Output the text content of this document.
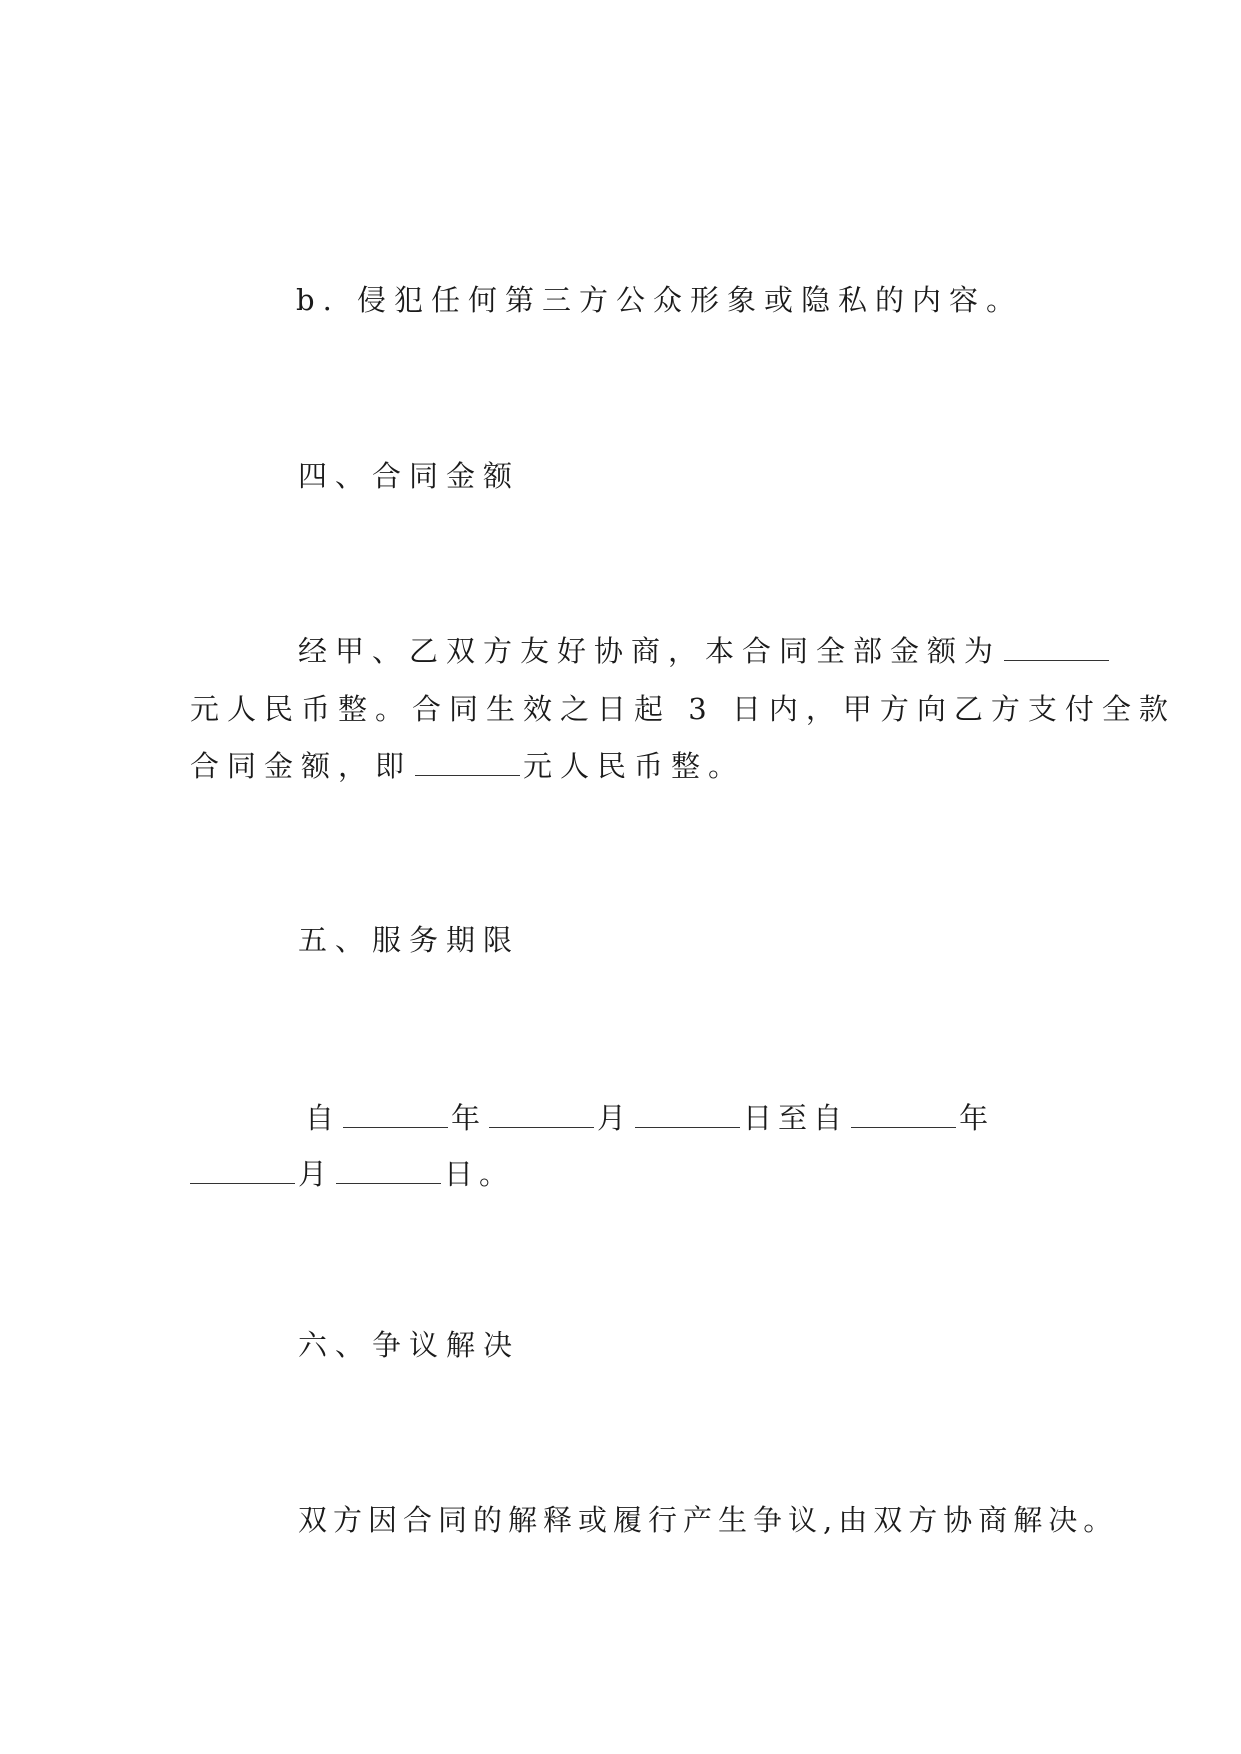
b. 侵犯任何第三方公众形象或隐私的内容。
四、合同金额
经甲、乙双方友好协商，本合同全部金额为
元人民币整。合同生效之日起 3 日内，甲方向乙方支付全款
合同金额，即	元人民币整。
五、服务期限
自	年	月	日至自	年
月	日。
六、争议解决
双方因合同的解释或履行产生争议,由双方协商解决。
